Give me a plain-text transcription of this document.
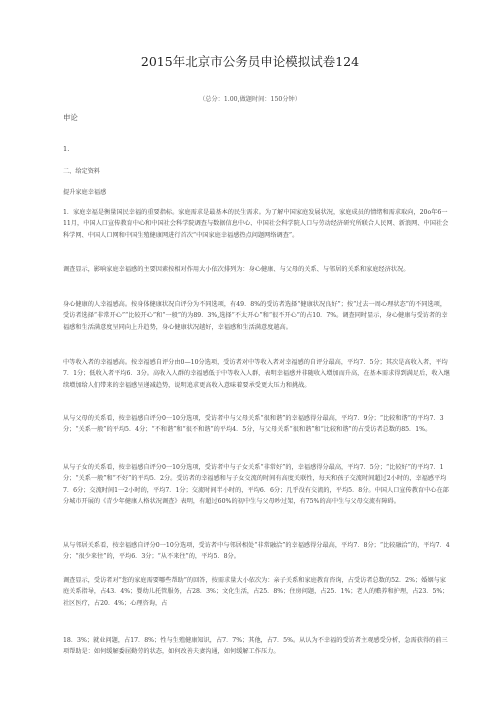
2015年北京市公务员申论模拟试卷124
（总分：1.00,做题时间：150分钟）
申论
1.
二、给定资料
提升家庭幸福感

1．家庭幸福是衡量国民幸福的重要指标。家庭需求是最基本的民生需求。为了解中国家庭发展状况，家庭成员的情绪和需求取向，20o年6一11月，中国人口宣传教育中心和中国社会科学院调查与数据信息中心、中国社会科学院人口与劳动经济研究所联合人民网、新浪网、中国社会科学网、中国人口网和中国生殖健康网进行首次“中国家庭幸福感热点问题网络调查”。

调查显示，影响家庭幸福感的主要因素按相对作用大小依次排列为：身心健康、与父母的关系、与邻居的关系和家庭经济状况。

身心健康的人幸福感高。按身体健康状况自评分为不同选项，有49．8%的受访者选择“健康状况良好”；按“过去一周心理状态”的不同选项，受访者选择“非常开心”“比较开心”和“一般”的为89．3%,选择“不太开心”和“很不开心”的占10．7%。调查同时显示，身心健康与受访者的幸福感和生活满意度呈同向上升趋势，身心健康状况越好，幸福感和生活满意度越高。

中等收入者的幸福感高。按幸福感自评分由0—10分选项，受访者对中等收入者对幸福感的自评分最高，平均7．5分；其次是高收入者，平均7．1分；低收入者平均6．3分。高收入人群的幸福感低于中等收入人群，表明幸福感并非随收入增加而升高，在基本需求得到满足后，收入继续增加给人们带来的幸福感呈递减趋势，说明追求更高收入意味着要承受更大压力和挑战。

从与父母的关系看，按幸福感自评分0一10分选项，受访者中与父母关系“很和谐”的幸福感得分最高，平均7．9分；“比较和谐”的平均7．3分；“关系一般”的平均5．4分；“不和谐”和“很不和谐”的平均4．5分，与父母关系“很和谐”和“比较和谐”的占受访者总数的85．1%。

从与子女的关系看，按幸福感自评分0一10分选项，受访者中与子女关系“非常好”的，幸福感得分最高，平均7．5分；“比较好”的平均7．1分；“关系一般”和“不好”的平均5．2分。受访者的幸福感和与子女交流的时间有高度关联性，每天和孩子交流时间超过2小时的，幸福感平均7．6分；交流时间1一2小时的，平均7．1分；交流时间半小时的，平均6．6分；几乎没有交流的，平均5．8分。中国人口宣传教育中心在部分城市开展的《青少年健康人格状况调查》表明，有超过60%的初中生与父母吵过架，有75%的高中生与父母交流有障碍。

从与邻居关系看，按幸福感自评分0一10分选项，受访者中与邻居相处“非常融洽”的幸福感得分最高，平均7．8分；“比较融洽”的，平均7．4分；“很少来往”的，平均6．3分；“从不来往”的，平均5．8分。

调查显示，受访者对“您的家庭需要哪些帮助”的回答，按需求量大小依次为：亲子关系和家庭教育咨询，占受访者总数的52．2%；婚姻与家庭关系指导，占43．4%；婴幼儿托管服务，占28．3%；文化生活，占25．8%；住房问题，占25．1%；老人的赡养和护理，占23．5%；社区医疗，占20．4%；心理咨询，占

18．3%；就业问题，占17．8%；性与生殖健康知识，占7．7%；其他，占7．5%。从认为不幸福的受访者主观感受分析，急需获得的前三项帮助是：如何缓解委屈勤劳的状态，如何改善夫妻沟通，如何缓解工作压力。
